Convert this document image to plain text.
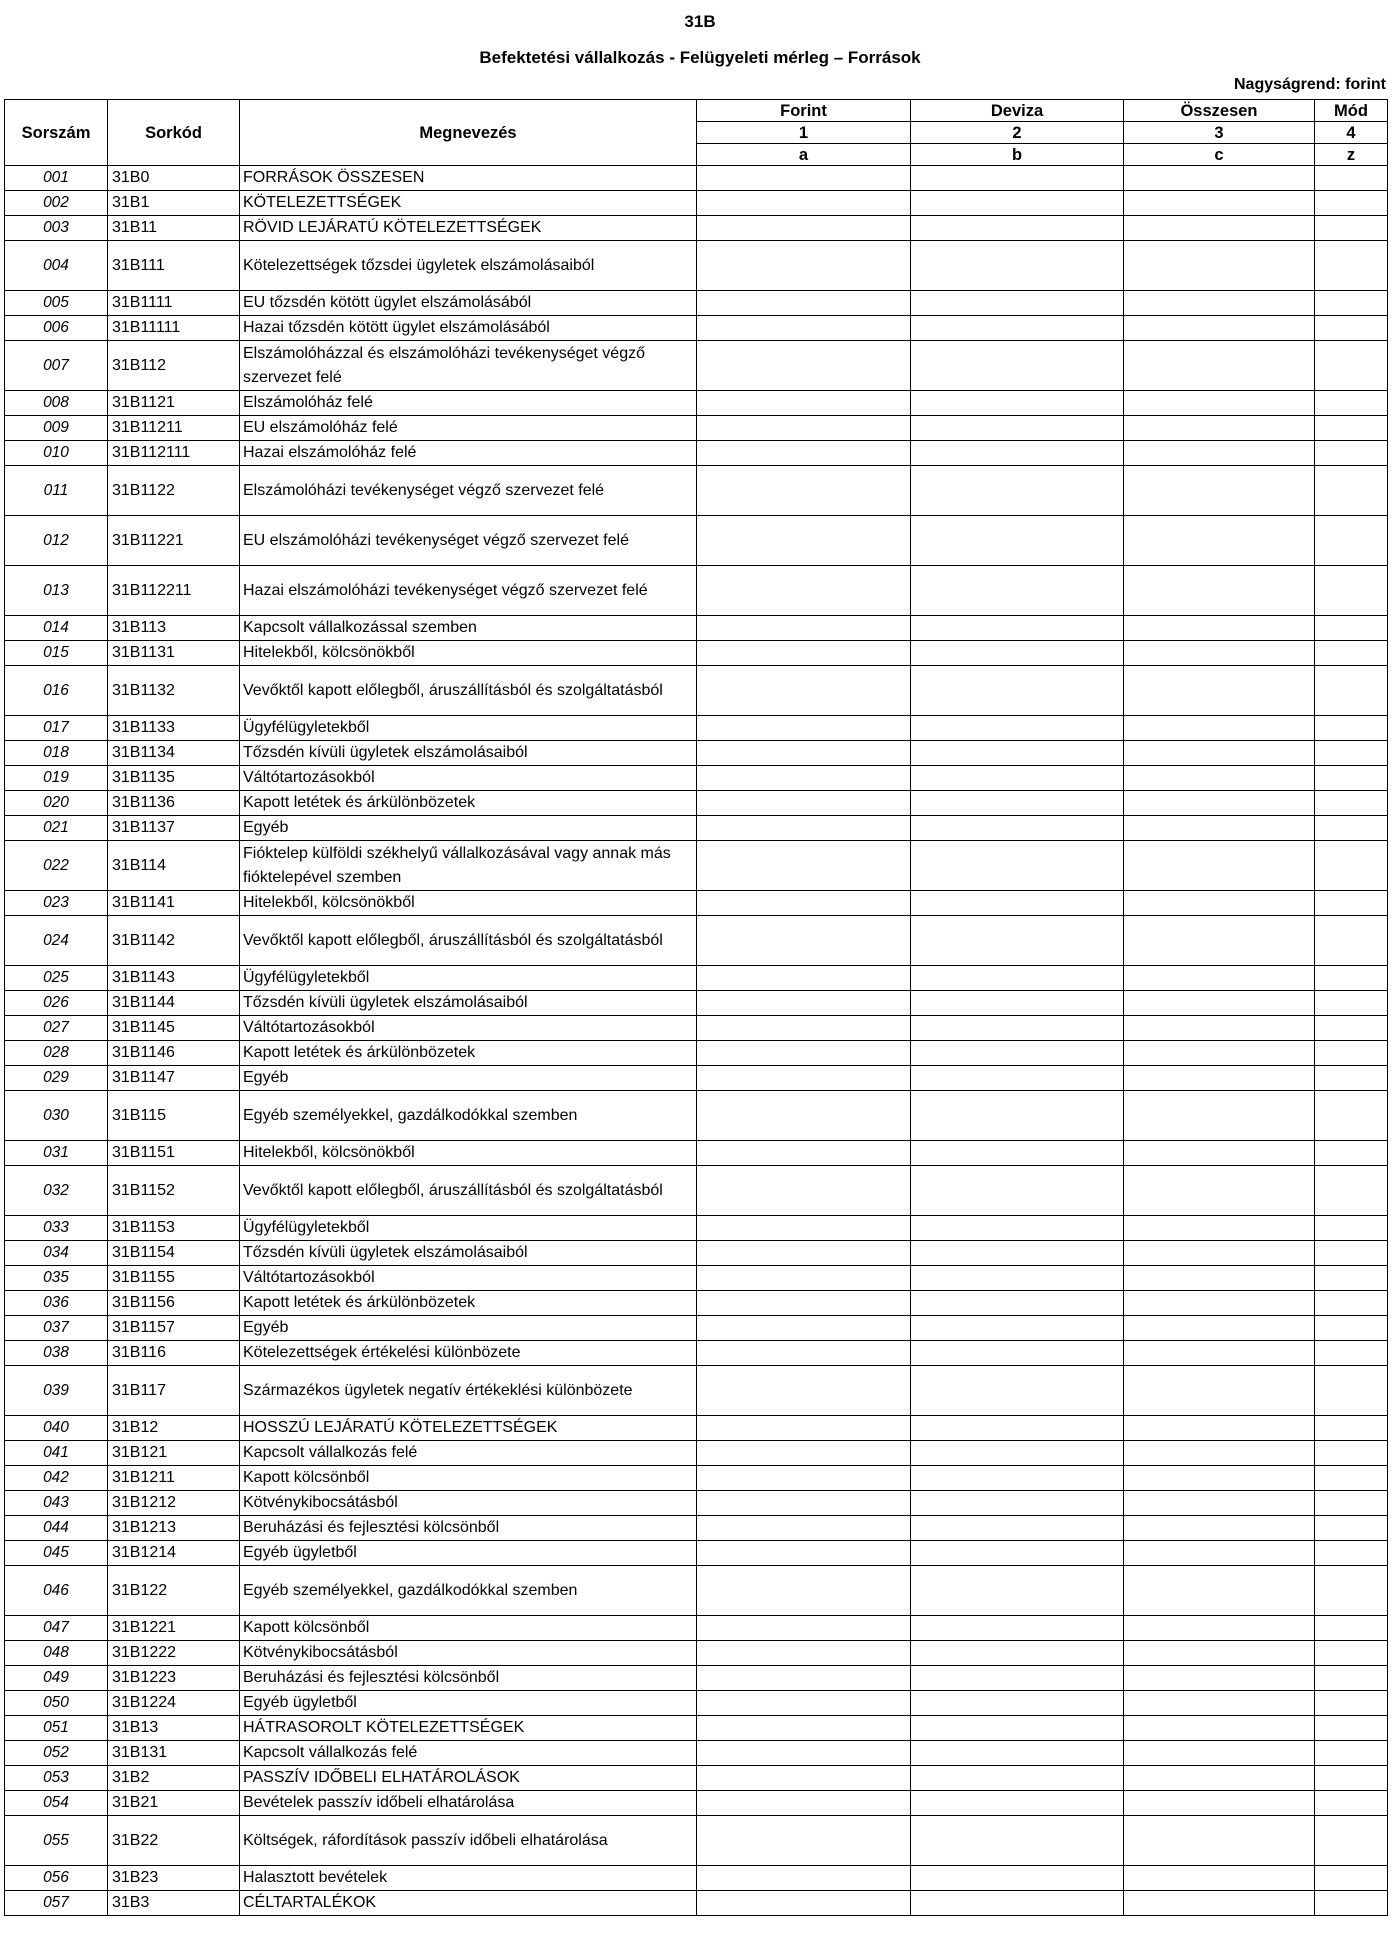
31B
Befektetési vállalkozás - Felügyeleti mérleg – Források
Nagyságrend: forint
Sorszám	Sorkód	Megnevezés	Forint	Deviza	Összesen	Mód
			1	2	3	4
			a	b	c	z
001	31B0	FORRÁSOK ÖSSZESEN				
002	31B1	KÖTELEZETTSÉGEK				
003	31B11	RÖVID LEJÁRATÚ KÖTELEZETTSÉGEK				
004	31B111	Kötelezettségek tőzsdei ügyletek elszámolásaiból				
005	31B1111	EU tőzsdén kötött ügylet elszámolásából				
006	31B11111	Hazai tőzsdén kötött ügylet elszámolásából				
007	31B112	Elszámolóházzal és elszámolóházi tevékenységet végző szervezet felé				
008	31B1121	Elszámolóház felé				
009	31B11211	EU elszámolóház felé				
010	31B112111	Hazai elszámolóház felé				
011	31B1122	Elszámolóházi tevékenységet végző szervezet felé				
012	31B11221	EU elszámolóházi tevékenységet végző szervezet felé				
013	31B112211	Hazai elszámolóházi tevékenységet végző szervezet felé				
014	31B113	Kapcsolt vállalkozással szemben				
015	31B1131	Hitelekből, kölcsönökből				
016	31B1132	Vevőktől kapott előlegből, áruszállításból és szolgáltatásból				
017	31B1133	Ügyfélügyletekből				
018	31B1134	Tőzsdén kívüli ügyletek elszámolásaiból				
019	31B1135	Váltótartozásokból				
020	31B1136	Kapott letétek és árkülönbözetek				
021	31B1137	Egyéb				
022	31B114	Fióktelep külföldi székhelyű vállalkozásával vagy annak más fióktelepével szemben				
023	31B1141	Hitelekből, kölcsönökből				
024	31B1142	Vevőktől kapott előlegből, áruszállításból és szolgáltatásból				
025	31B1143	Ügyfélügyletekből				
026	31B1144	Tőzsdén kívüli ügyletek elszámolásaiból				
027	31B1145	Váltótartozásokból				
028	31B1146	Kapott letétek és árkülönbözetek				
029	31B1147	Egyéb				
030	31B115	Egyéb személyekkel, gazdálkodókkal szemben				
031	31B1151	Hitelekből, kölcsönökből				
032	31B1152	Vevőktől kapott előlegből, áruszállításból és szolgáltatásból				
033	31B1153	Ügyfélügyletekből				
034	31B1154	Tőzsdén kívüli ügyletek elszámolásaiból				
035	31B1155	Váltótartozásokból				
036	31B1156	Kapott letétek és árkülönbözetek				
037	31B1157	Egyéb				
038	31B116	Kötelezettségek értékelési különbözete				
039	31B117	Származékos ügyletek negatív értékeklési különbözete				
040	31B12	HOSSZÚ LEJÁRATÚ KÖTELEZETTSÉGEK				
041	31B121	Kapcsolt vállalkozás felé				
042	31B1211	Kapott kölcsönből				
043	31B1212	Kötvénykibocsátásból				
044	31B1213	Beruházási és fejlesztési kölcsönből				
045	31B1214	Egyéb ügyletből				
046	31B122	Egyéb személyekkel, gazdálkodókkal szemben				
047	31B1221	Kapott kölcsönből				
048	31B1222	Kötvénykibocsátásból				
049	31B1223	Beruházási és fejlesztési kölcsönből				
050	31B1224	Egyéb ügyletből				
051	31B13	HÁTRASOROLT KÖTELEZETTSÉGEK				
052	31B131	Kapcsolt vállalkozás felé				
053	31B2	PASSZÍV IDŐBELI ELHATÁROLÁSOK				
054	31B21	Bevételek passzív időbeli elhatárolása				
055	31B22	Költségek, ráfordítások passzív időbeli elhatárolása				
056	31B23	Halasztott bevételek				
057	31B3	CÉLTARTALÉKOK				
